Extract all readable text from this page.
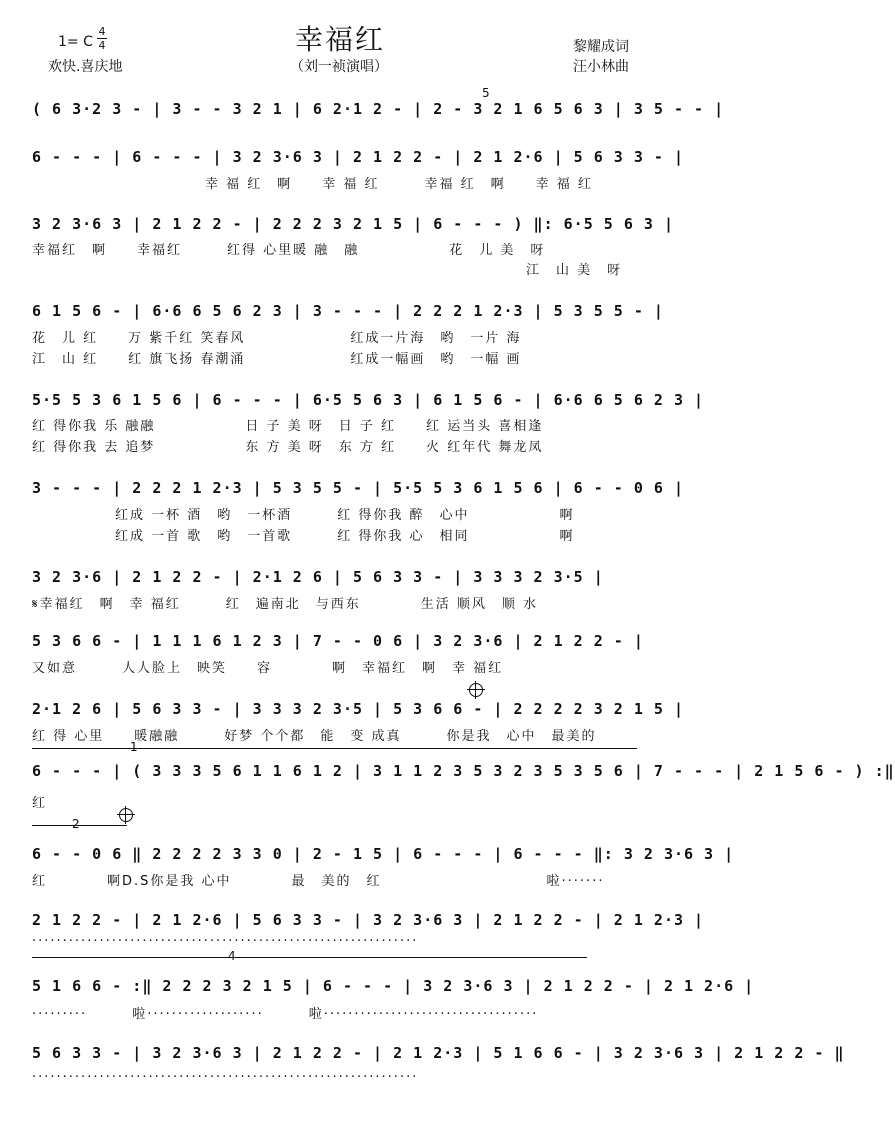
1= C
4
4	幸福红
欢快.喜庆地	（刘一祯演唱）
黎耀成词
汪小林曲
( 6 3·2 3 - | 3 - - 3 2 1 | 6 2·1 2 - | 2 - 3 2 1 6 5 6 3 | 3 5 - - |
5
6 - - - | 6 - - - | 3 2 3·6 3 | 2 1 2 2 - | 2 1 2·6 | 5 6 3 3 - |
幸 福 红　啊　　幸 福 红　　　幸福 红　啊　　幸 福 红
3 2 3·6 3 | 2 1 2 2 - | 2 2 2 3 2 1 5 | 6 - - - ) ‖: 6·5 5 6 3 |
幸福红　啊　　幸福红　　　红得 心里暖 融　融　　　　　　花　儿 美　呀
江　山 美　呀
6 1 5 6 - | 6·6 6 5 6 2 3 | 3 - - - | 2 2 2 1 2·3 | 5 3 5 5 - |
花　儿 红　　万 紫千红 笑春风　　　　　　　红成一片海　哟　一片 海
江　山 红　　红 旗飞扬 春潮涌　　　　　　　红成一幅画　哟　一幅 画
5·5 5 3 6 1 5 6 | 6 - - - | 6·5 5 6 3 | 6 1 5 6 - | 6·6 6 5 6 2 3 |
红 得你我 乐 融融　　　　　　日 子 美 呀　日 子 红　　红 运当头 喜相逢
红 得你我 去 追梦　　　　　　东 方 美 呀　东 方 红　　火 红年代 舞龙凤
3 - - - | 2 2 2 1 2·3 | 5 3 5 5 - | 5·5 5 3 6 1 5 6 | 6 - - 0 6 |
红成 一杯 酒　哟　一杯酒　　　红 得你我 醉　心中　　　　　　啊
红成 一首 歌　哟　一首歌　　　红 得你我 心　相同　　　　　　啊
3 2 3·6 | 2 1 2 2 - | 2·1 2 6 | 5 6 3 3 - | 3 3 3 2 3·5 |
𝄋幸福红　啊　幸 福红　　　红　遍南北　与西东　　　　生活 顺风　顺 水
5 3 6 6 - | 1 1 1 6 1 2 3 | 7 - - 0 6 | 3 2 3·6 | 2 1 2 2 - |
又如意　　　人人脸上　映笑　　容　　　　啊　幸福红　啊　幸 福红
2·1 2 6 | 5 6 3 3 - | 3 3 3 2 3·5 | 5 3 6 6 - | 2 2 2 2 3 2 1 5 |
红 得 心里　　暖融融　　　好梦 个个都　能　变 成真　　　你是我　心中　最美的
1
6 - - - | ( 3 3 3 5 6 1 1 6 1 2 | 3 1 1 2 3 5 3 2 3 5 3 5 6 | 7 - - - | 2 1 5 6 - ) :‖
红
2
6 - - 0 6 ‖ 2 2 2 2 3 3 0 | 2 - 1 5 | 6 - - - | 6 - - - ‖: 3 2 3·6 3 |
红　　　　啊D.S你是我 心中　　　　最　美的　红　　　　　　　　　　　啦·······
2 1 2 2 - | 2 1 2·6 | 5 6 3 3 - | 3 2 3·6 3 | 2 1 2 2 - | 2 1 2·3 |
·······························································
4
5 1 6 6 - :‖ 2 2 2 3 2 1 5 | 6 - - - | 3 2 3·6 3 | 2 1 2 2 - | 2 1 2·6 |
·········　　　啦···················　　　啦···································
5 6 3 3 - | 3 2 3·6 3 | 2 1 2 2 - | 2 1 2·3 | 5 1 6 6 - | 3 2 3·6 3 | 2 1 2 2 - ‖
·······························································
